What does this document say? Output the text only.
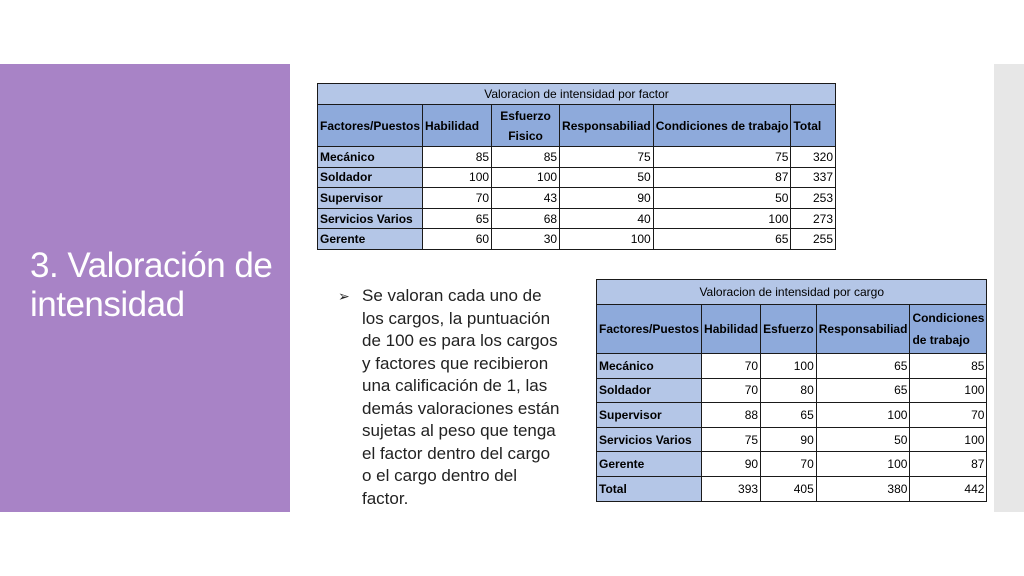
3. Valoración de intensidad	➢ Se valoran cada uno de los cargos, la puntuación de 100 es para los cargos y factores que recibieron una calificación de 1, las demás valoraciones están sujetas al peso que tenga el factor dentro del cargo o el cargo dentro del factor.
Valoracion de intensidad por factor					
Factores/Puestos	Habilidad	Esfuerzo Fisico	Responsabiliad	Condiciones de trabajo	Total
Mecánico	85	85	75	75	320
Soldador	100	100	50	87	337
Supervisor	70	43	90	50	253
Servicios Varios	65	68	40	100	273
Gerente	60	30	100	65	255
Valoracion de intensidad por cargo				
Factores/Puestos	Habilidad	Esfuerzo	Responsabiliad	Condiciones de trabajo
Mecánico	70	100	65	85
Soldador	70	80	65	100
Supervisor	88	65	100	70
Servicios Varios	75	90	50	100
Gerente	90	70	100	87
Total	393	405	380	442
